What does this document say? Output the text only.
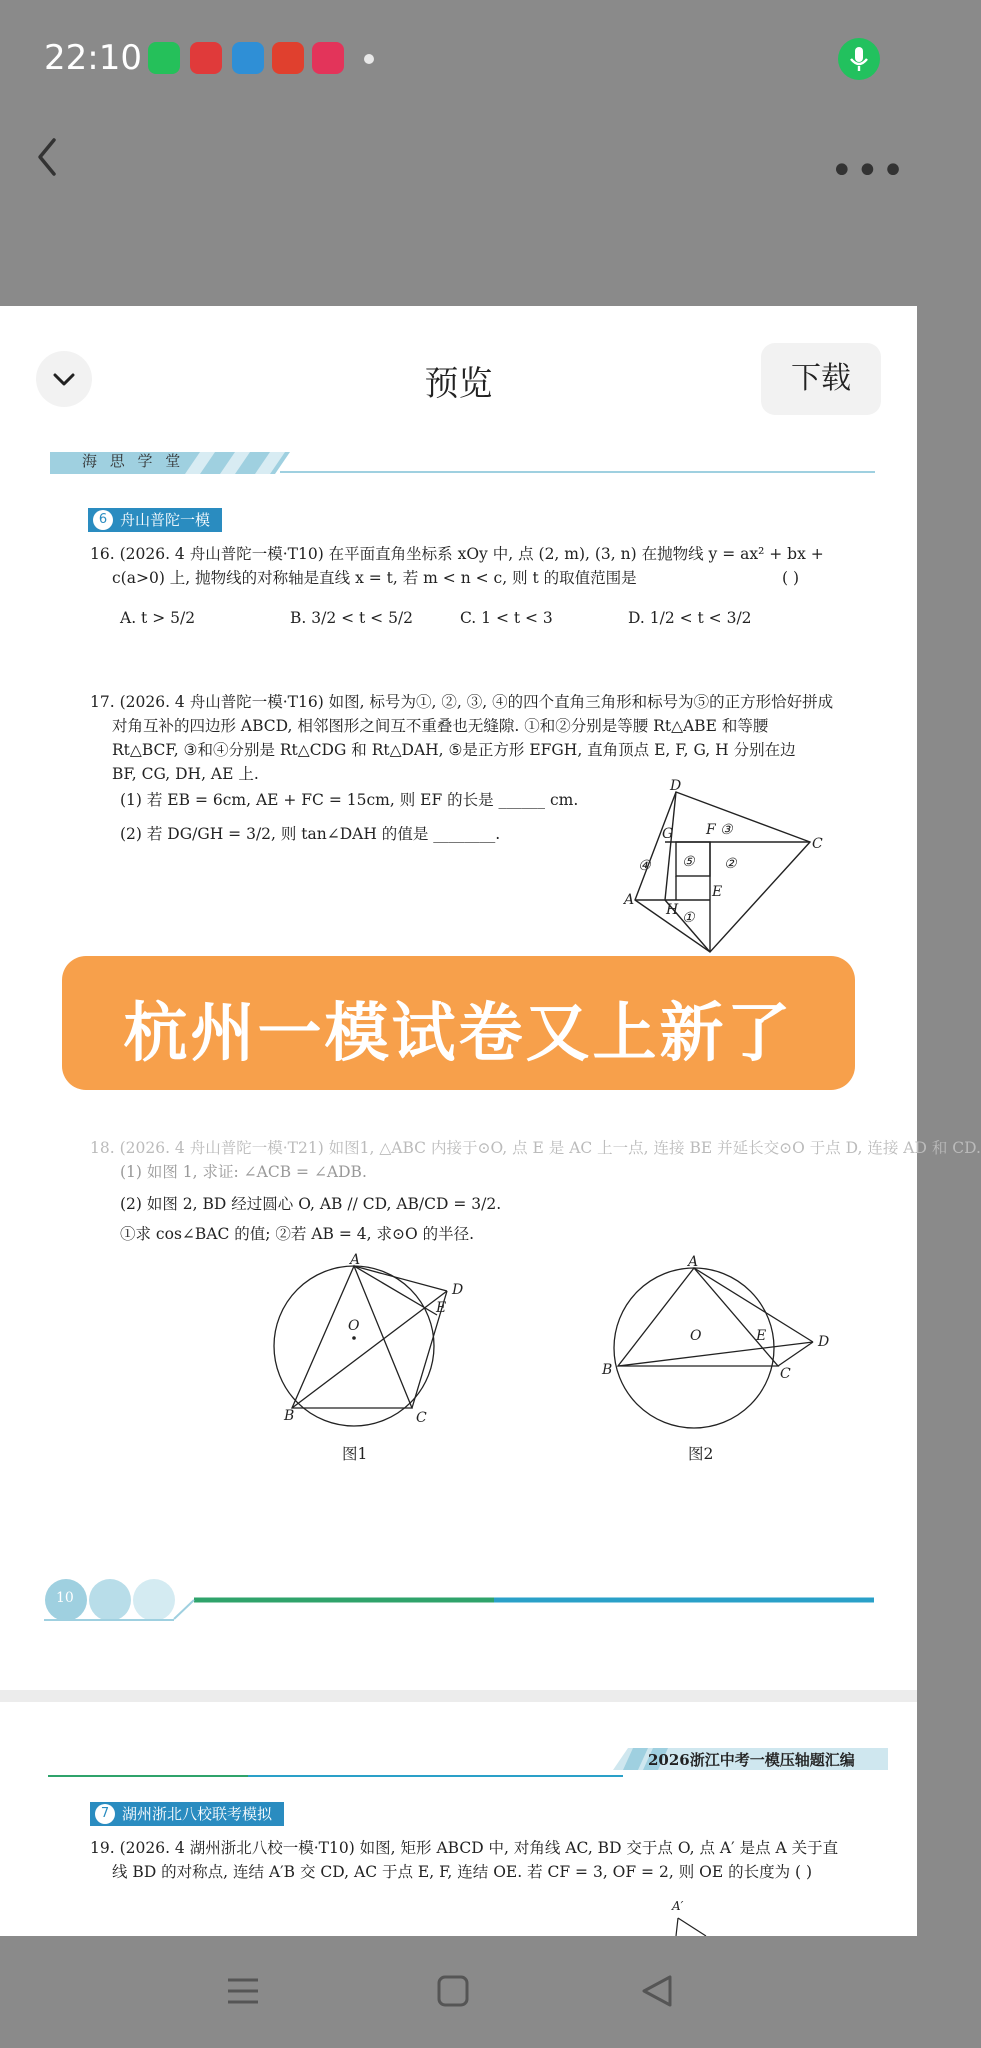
22:10
•••
预览	下载
海 思 学 堂
6 舟山普陀一模
16. (2026. 4 舟山普陀一模·T10) 在平面直角坐标系 xOy 中, 点 (2, m), (3, n) 在抛物线 y = ax² + bx +
c(a>0) 上, 抛物线的对称轴是直线 x = t, 若 m < n < c, 则 t 的取值范围是	( )
A. t > 5/2	B. 3/2 < t < 5/2	C. 1 < t < 3	D. 1/2 < t < 3/2
17. (2026. 4 舟山普陀一模·T16) 如图, 标号为①, ②, ③, ④的四个直角三角形和标号为⑤的正方形恰好拼成
对角互补的四边形 ABCD, 相邻图形之间互不重叠也无缝隙. ①和②分别是等腰 Rt△ABE 和等腰
Rt△BCF, ③和④分别是 Rt△CDG 和 Rt△DAH, ⑤是正方形 EFGH, 直角顶点 E, F, G, H 分别在边
BF, CG, DH, AE 上.
(1) 若 EB = 6cm, AE + FC = 15cm, 则 EF 的长是 ______ cm.
(2) 若 DG/GH = 3/2, 则 tan∠DAH 的值是 ________.
D
G F ③
C
④ ⑤ ②
A
H
E
①
18. (2026. 4 舟山普陀一模·T21) 如图1, △ABC 内接于⊙O, 点 E 是 AC 上一点, 连接 BE 并延长交⊙O 于点 D, 连接 AD 和 CD.
(1) 如图 1, 求证: ∠ACB = ∠ADB.
(2) 如图 2, BD 经过圆心 O, AB // CD, AB/CD = 3/2.
①求 cos∠BAC 的值; ②若 AB = 4, 求⊙O 的半径.
A
O
E
D
B	C
图1
A
O	E	D
B	C
图2
10
2026浙江中考一模压轴题汇编
7 湖州浙北八校联考模拟
19. (2026. 4 湖州浙北八校一模·T10) 如图, 矩形 ABCD 中, 对角线 AC, BD 交于点 O, 点 A′ 是点 A 关于直
线 BD 的对称点, 连结 A′B 交 CD, AC 于点 E, F, 连结 OE. 若 CF = 3, OF = 2, 则 OE 的长度为 ( )
A′
杭州一模试卷又上新了
